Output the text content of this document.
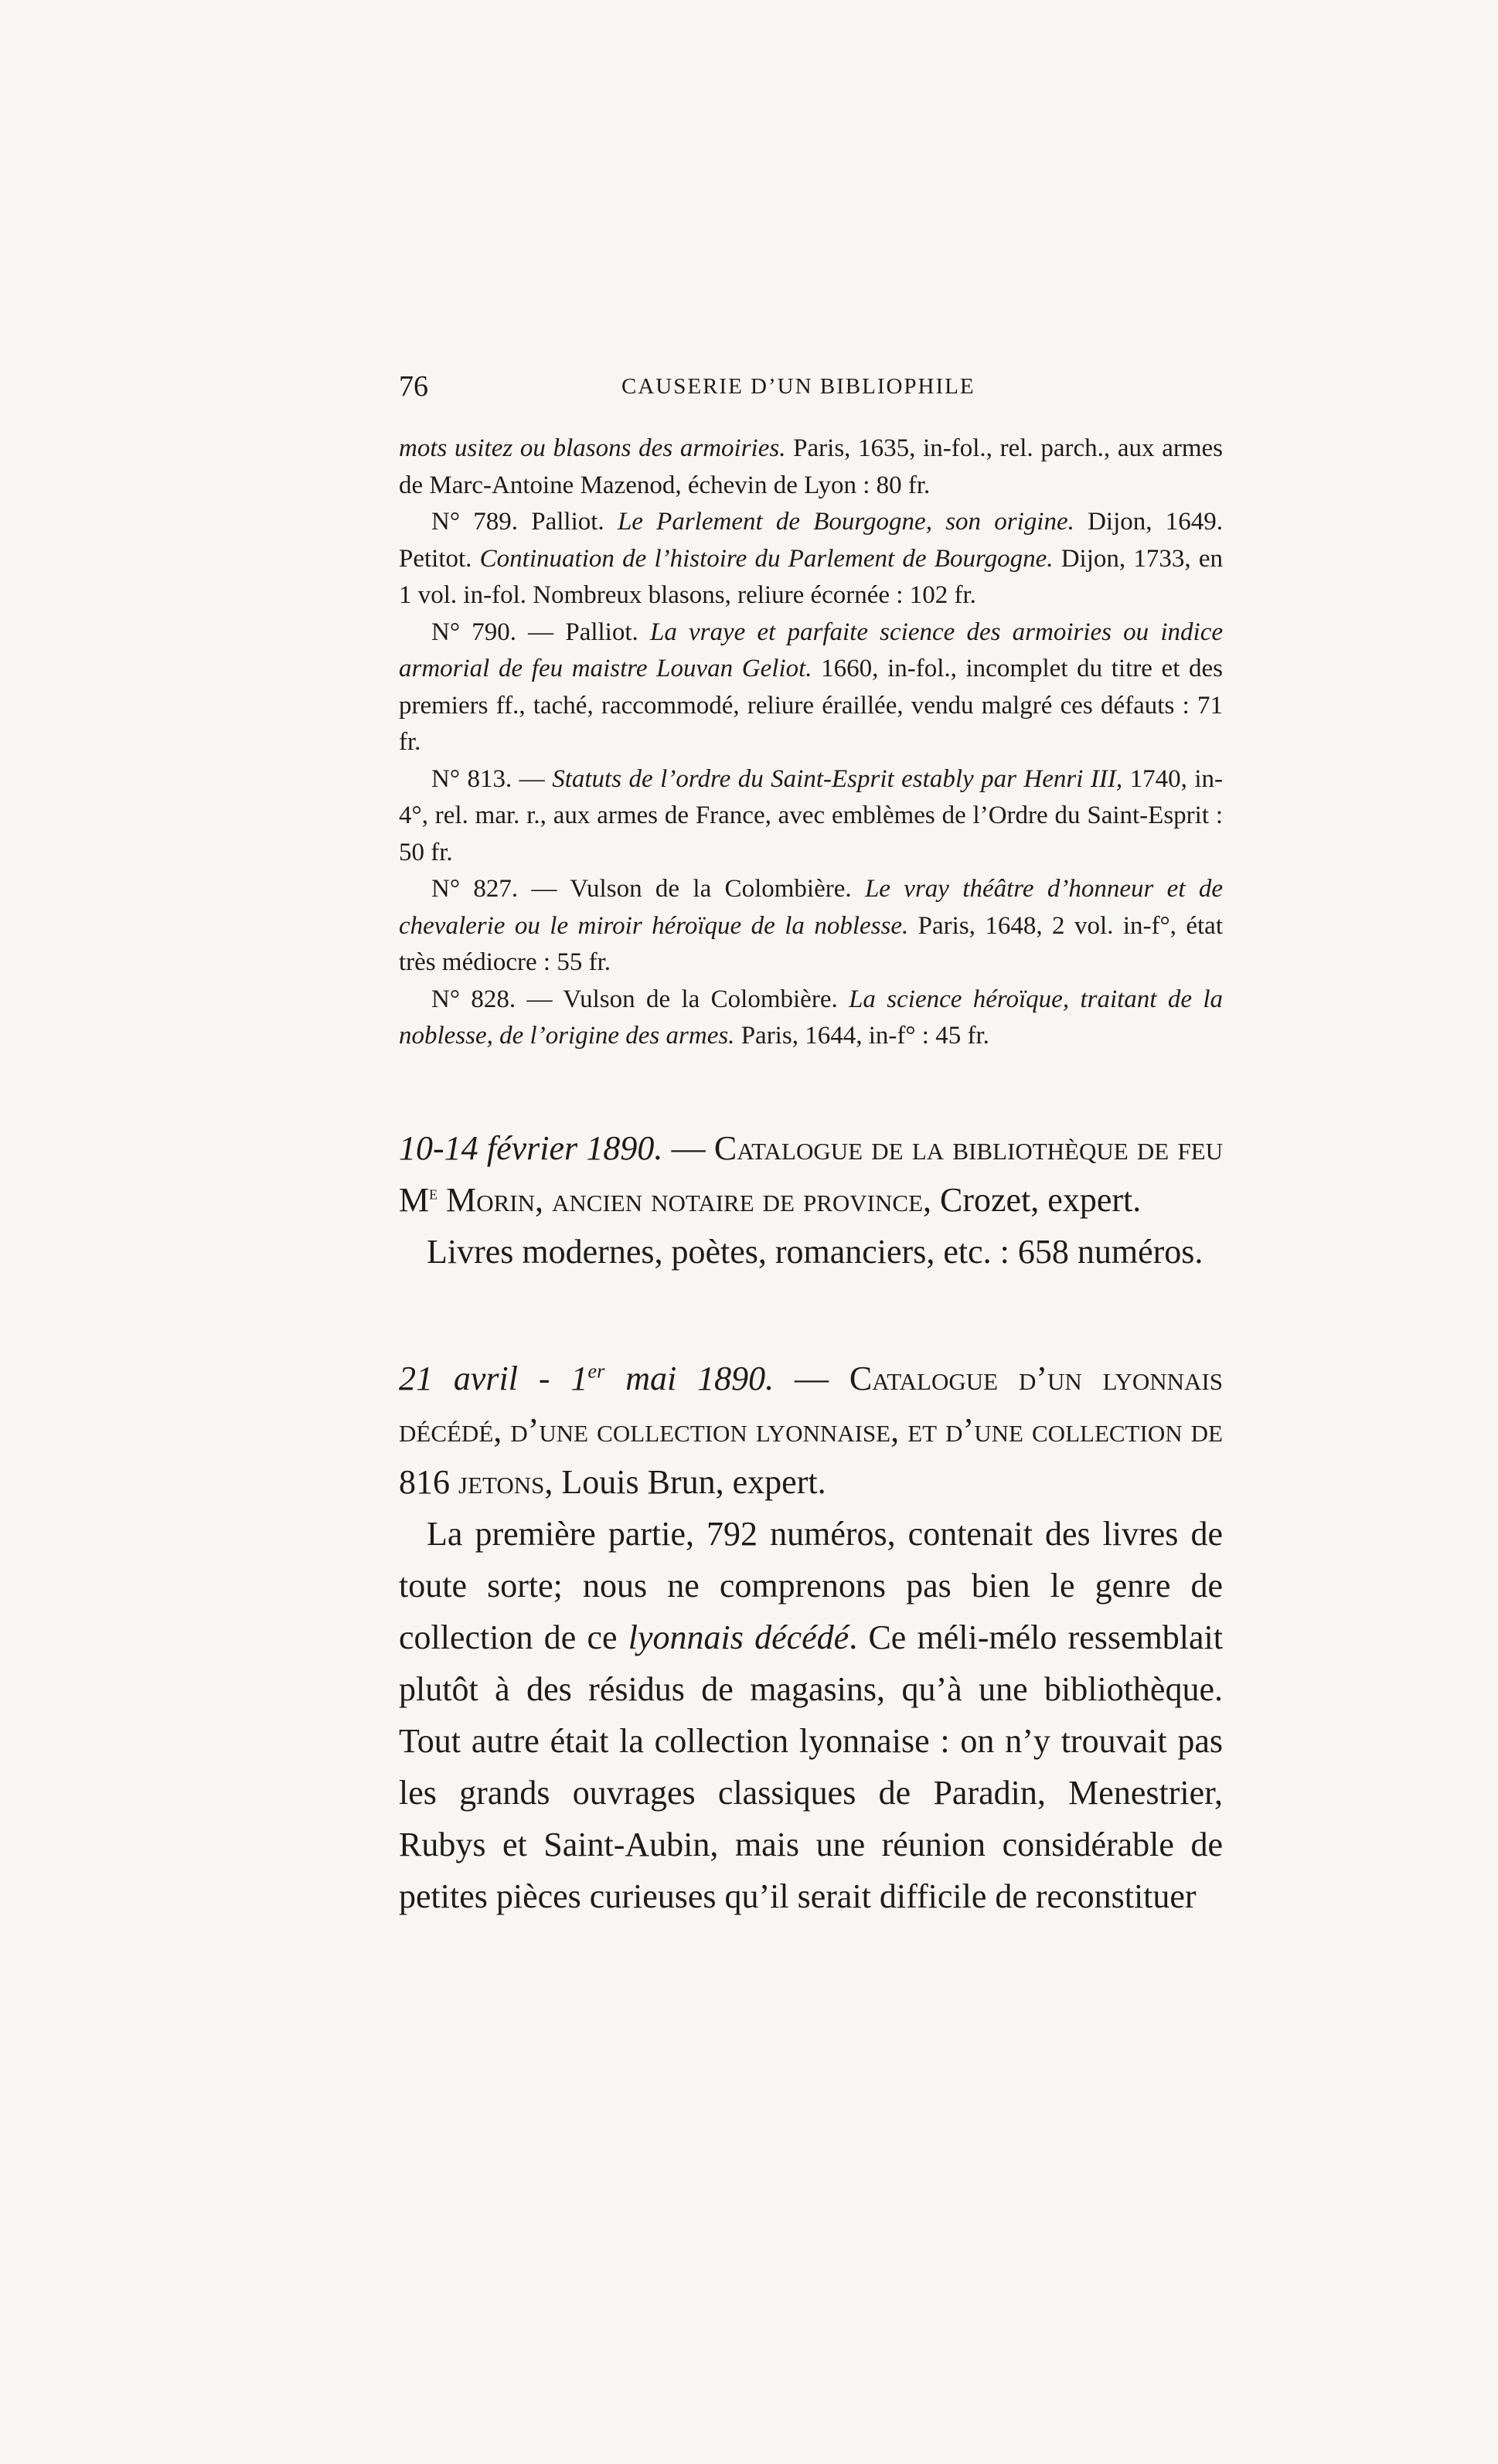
76	CAUSERIE D’UN BIBLIOPHILE

mots usitez ou blasons des armoiries. Paris, 1635, in-fol., rel. parch., aux armes de Marc-Antoine Mazenod, échevin de Lyon : 80 fr.

N° 789. Palliot. Le Parlement de Bourgogne, son origine. Dijon, 1649. Petitot. Continuation de l’histoire du Parlement de Bourgogne. Dijon, 1733, en 1 vol. in-fol. Nombreux blasons, reliure écornée : 102 fr.

N° 790. — Palliot. La vraye et parfaite science des armoiries ou indice armorial de feu maistre Louvan Geliot. 1660, in-fol., incomplet du titre et des premiers ff., taché, raccommodé, reliure éraillée, vendu malgré ces défauts : 71 fr.

N° 813. — Statuts de l’ordre du Saint-Esprit estably par Henri III, 1740, in-4°, rel. mar. r., aux armes de France, avec emblèmes de l’Ordre du Saint-Esprit : 50 fr.

N° 827. — Vulson de la Colombière. Le vray théâtre d’honneur et de chevalerie ou le miroir héroïque de la noblesse. Paris, 1648, 2 vol. in-f°, état très médiocre : 55 fr.

N° 828. — Vulson de la Colombière. La science héroïque, traitant de la noblesse, de l’origine des armes. Paris, 1644, in-f° : 45 fr.

10-14 février 1890. — Catalogue de la bibliothèque de feu Me Morin, ancien notaire de province, Crozet, expert.

Livres modernes, poètes, romanciers, etc. : 658 numéros.

21 avril - 1er mai 1890. — Catalogue d’un lyonnais décédé, d’une collection lyonnaise, et d’une collection de 816 jetons, Louis Brun, expert.

La première partie, 792 numéros, contenait des livres de toute sorte; nous ne comprenons pas bien le genre de collection de ce lyonnais décédé. Ce méli-mélo ressemblait plutôt à des résidus de magasins, qu’à une bibliothèque. Tout autre était la collection lyonnaise : on n’y trouvait pas les grands ouvrages classiques de Paradin, Menestrier, Rubys et Saint-Aubin, mais une réunion considérable de petites pièces curieuses qu’il serait difficile de reconstituer
